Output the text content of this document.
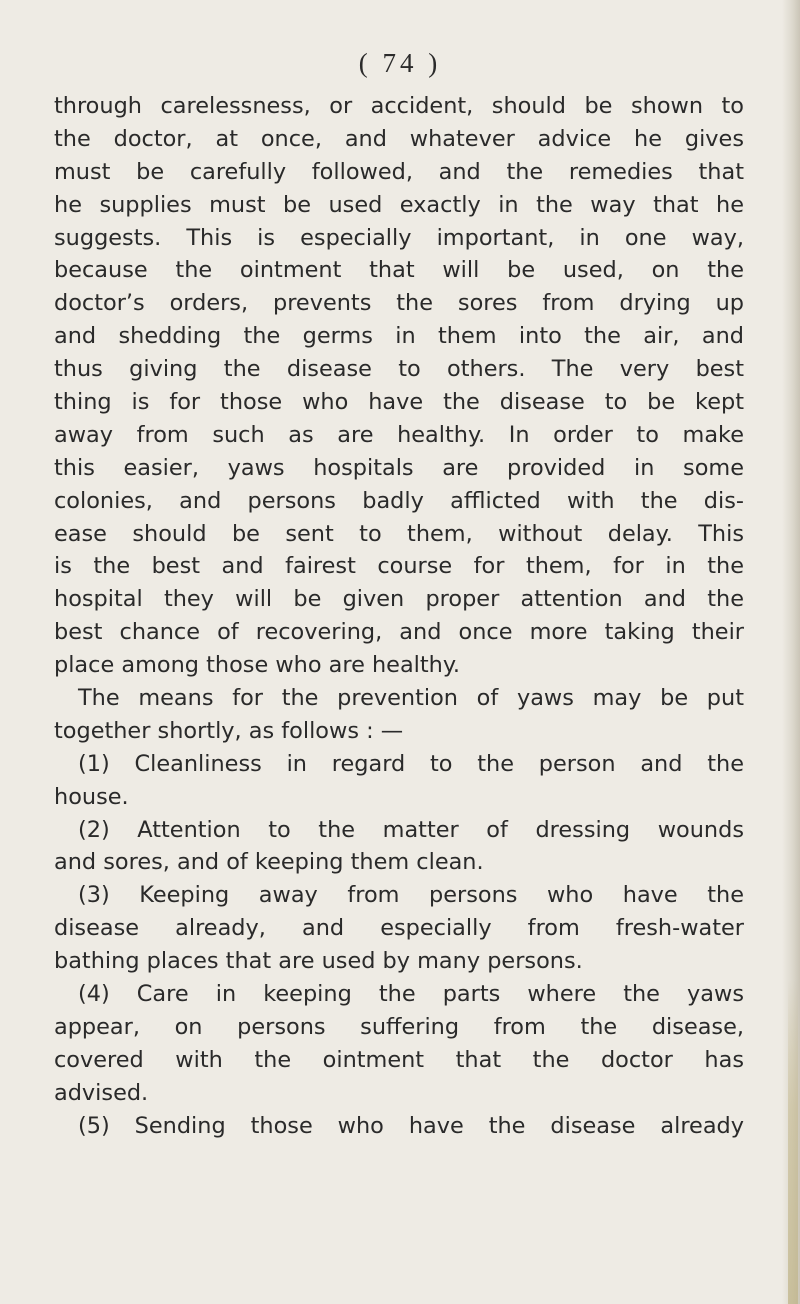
( 74 )

through carelessness, or accident, should be shown to

the doctor, at once, and whatever advice he gives

must be carefully followed, and the remedies that

he supplies must be used exactly in the way that he

suggests. This is especially important, in one way,

because the ointment that will be used, on the

doctor’s orders, prevents the sores from drying up

and shedding the germs in them into the air, and

thus giving the disease to others. The very best

thing is for those who have the disease to be kept

away from such as are healthy. In order to make

this easier, yaws hospitals are provided in some

colonies, and persons badly afflicted with the dis-

ease should be sent to them, without delay. This

is the best and fairest course for them, for in the

hospital they will be given proper attention and the

best chance of recovering, and once more taking their

place among those who are healthy.

The means for the prevention of yaws may be put

together shortly, as follows : —

(1) Cleanliness in regard to the person and the

house.

(2) Attention to the matter of dressing wounds

and sores, and of keeping them clean.

(3) Keeping away from persons who have the

disease already, and especially from fresh-water

bathing places that are used by many persons.

(4) Care in keeping the parts where the yaws

appear, on persons suffering from the disease,

covered with the ointment that the doctor has

advised.

(5) Sending those who have the disease already
